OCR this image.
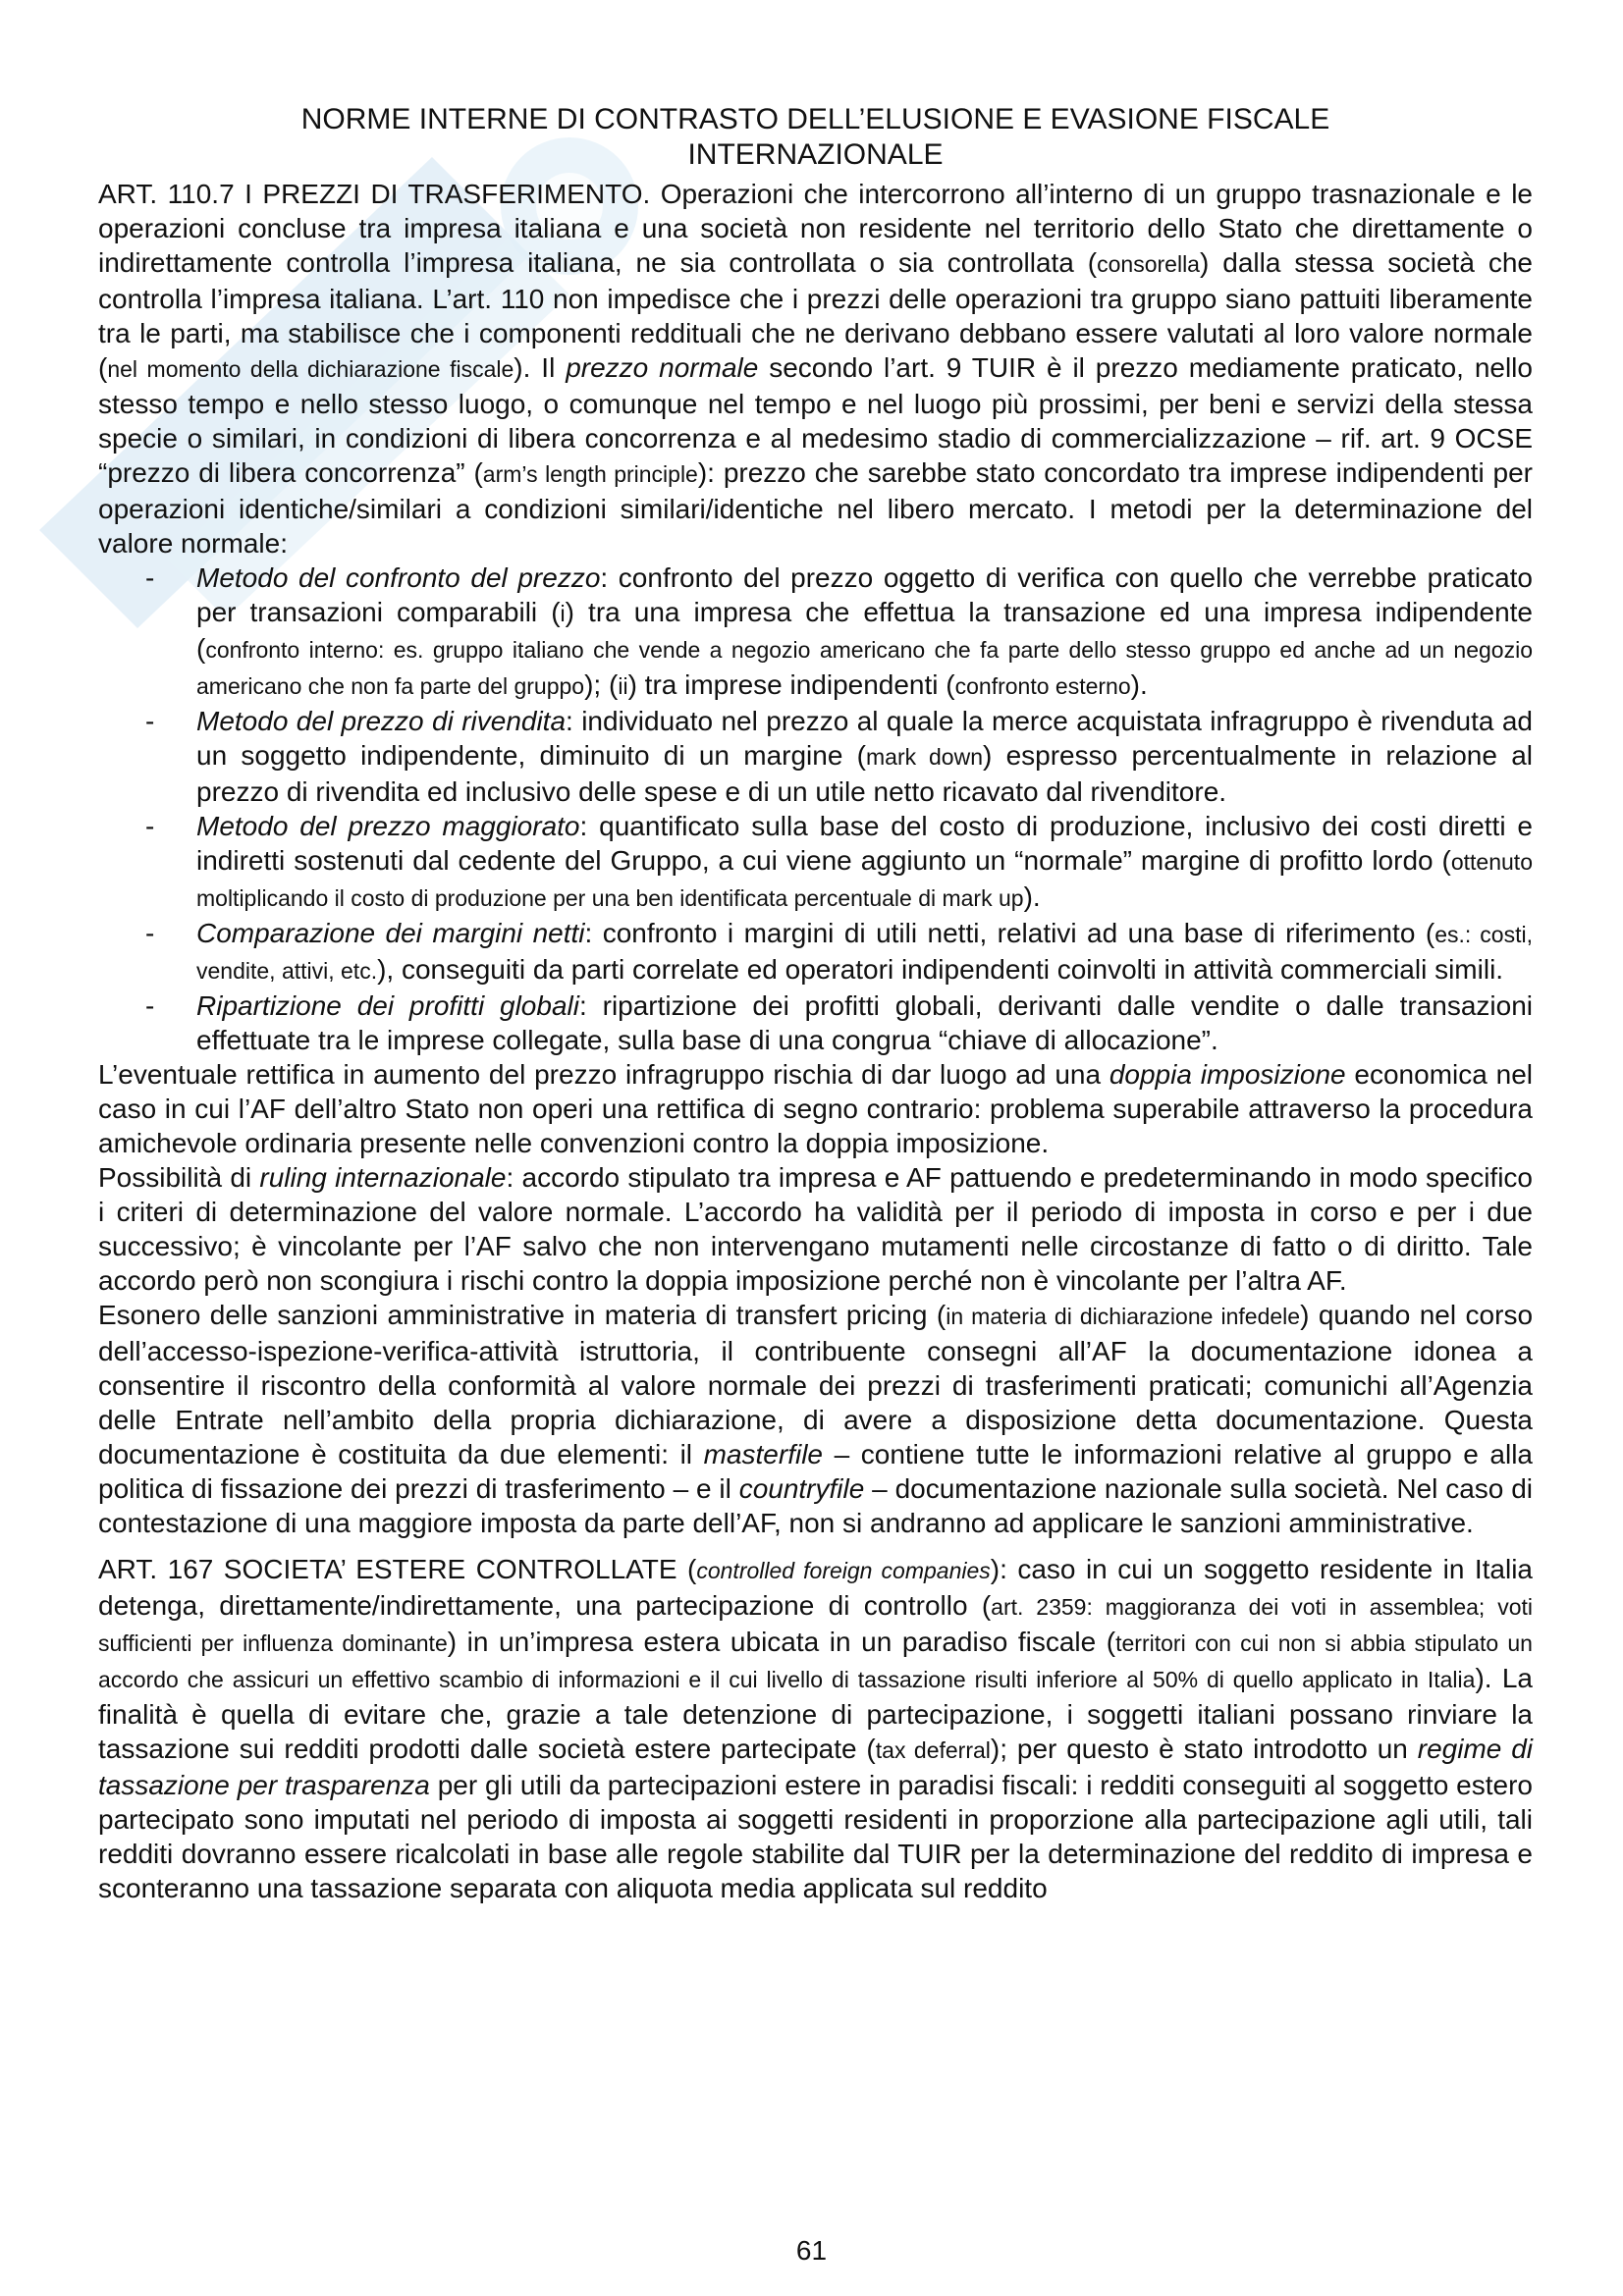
NORME INTERNE DI CONTRASTO DELL’ELUSIONE E EVASIONE FISCALE
INTERNAZIONALE

ART. 110.7 I PREZZI DI TRASFERIMENTO. Operazioni che intercorrono all’interno di un gruppo trasnazionale e le operazioni concluse tra impresa italiana e una società non residente nel territorio dello Stato che direttamente o indirettamente controlla l’impresa italiana, ne sia controllata o sia controllata (consorella) dalla stessa società che controlla l’impresa italiana. L’art. 110 non impedisce che i prezzi delle operazioni tra gruppo siano pattuiti liberamente tra le parti, ma stabilisce che i componenti reddituali che ne derivano debbano essere valutati al loro valore normale (nel momento della dichiarazione fiscale). Il prezzo normale secondo l’art. 9 TUIR è il prezzo mediamente praticato, nello stesso tempo e nello stesso luogo, o comunque nel tempo e nel luogo più prossimi, per beni e servizi della stessa specie o similari, in condizioni di libera concorrenza e al medesimo stadio di commercializzazione – rif. art. 9 OCSE “prezzo di libera concorrenza” (arm’s length principle): prezzo che sarebbe stato concordato tra imprese indipendenti per operazioni identiche/similari a condizioni similari/identiche nel libero mercato. I metodi per la determinazione del valore normale:

- Metodo del confronto del prezzo: confronto del prezzo oggetto di verifica con quello che verrebbe praticato per transazioni comparabili (i) tra una impresa che effettua la transazione ed una impresa indipendente (confronto interno: es. gruppo italiano che vende a negozio americano che fa parte dello stesso gruppo ed anche ad un negozio americano che non fa parte del gruppo); (ii) tra imprese indipendenti (confronto esterno).
- Metodo del prezzo di rivendita: individuato nel prezzo al quale la merce acquistata infragruppo è rivenduta ad un soggetto indipendente, diminuito di un margine (mark down) espresso percentualmente in relazione al prezzo di rivendita ed inclusivo delle spese e di un utile netto ricavato dal rivenditore.
- Metodo del prezzo maggiorato: quantificato sulla base del costo di produzione, inclusivo dei costi diretti e indiretti sostenuti dal cedente del Gruppo, a cui viene aggiunto un “normale” margine di profitto lordo (ottenuto moltiplicando il costo di produzione per una ben identificata percentuale di mark up).
- Comparazione dei margini netti: confronto i margini di utili netti, relativi ad una base di riferimento (es.: costi, vendite, attivi, etc.), conseguiti da parti correlate ed operatori indipendenti coinvolti in attività commerciali simili.
- Ripartizione dei profitti globali: ripartizione dei profitti globali, derivanti dalle vendite o dalle transazioni effettuate tra le imprese collegate, sulla base di una congrua “chiave di allocazione”.

L’eventuale rettifica in aumento del prezzo infragruppo rischia di dar luogo ad una doppia imposizione economica nel caso in cui l’AF dell’altro Stato non operi una rettifica di segno contrario: problema superabile attraverso la procedura amichevole ordinaria presente nelle convenzioni contro la doppia imposizione.

Possibilità di ruling internazionale: accordo stipulato tra impresa e AF pattuendo e predeterminando in modo specifico i criteri di determinazione del valore normale. L’accordo ha validità per il periodo di imposta in corso e per i due successivo; è vincolante per l’AF salvo che non intervengano mutamenti nelle circostanze di fatto o di diritto. Tale accordo però non scongiura i rischi contro la doppia imposizione perché non è vincolante per l’altra AF.

Esonero delle sanzioni amministrative in materia di transfert pricing (in materia di dichiarazione infedele) quando nel corso dell’accesso-ispezione-verifica-attività istruttoria, il contribuente consegni all’AF la documentazione idonea a consentire il riscontro della conformità al valore normale dei prezzi di trasferimenti praticati; comunichi all’Agenzia delle Entrate nell’ambito della propria dichiarazione, di avere a disposizione detta documentazione. Questa documentazione è costituita da due elementi: il masterfile – contiene tutte le informazioni relative al gruppo e alla politica di fissazione dei prezzi di trasferimento – e il countryfile – documentazione nazionale sulla società. Nel caso di contestazione di una maggiore imposta da parte dell’AF, non si andranno ad applicare le sanzioni amministrative.

ART. 167 SOCIETA’ ESTERE CONTROLLATE (controlled foreign companies): caso in cui un soggetto residente in Italia detenga, direttamente/indirettamente, una partecipazione di controllo (art. 2359: maggioranza dei voti in assemblea; voti sufficienti per influenza dominante) in un’impresa estera ubicata in un paradiso fiscale (territori con cui non si abbia stipulato un accordo che assicuri un effettivo scambio di informazioni e il cui livello di tassazione risulti inferiore al 50% di quello applicato in Italia). La finalità è quella di evitare che, grazie a tale detenzione di partecipazione, i soggetti italiani possano rinviare la tassazione sui redditi prodotti dalle società estere partecipate (tax deferral); per questo è stato introdotto un regime di tassazione per trasparenza per gli utili da partecipazioni estere in paradisi fiscali: i redditi conseguiti al soggetto estero partecipato sono imputati nel periodo di imposta ai soggetti residenti in proporzione alla partecipazione agli utili, tali redditi dovranno essere ricalcolati in base alle regole stabilite dal TUIR per la determinazione del reddito di impresa e sconteranno una tassazione separata con aliquota media applicata sul reddito

61
